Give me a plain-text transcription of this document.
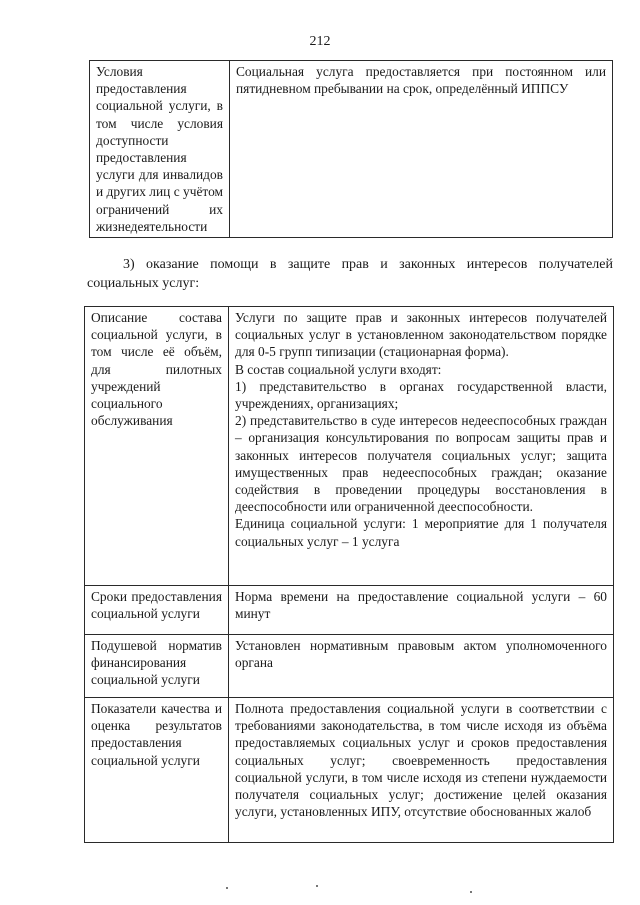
212
Условия предоставления социальной услуги, в том числе условия доступности предоставления услуги для инвалидов и других лиц с учётом ограничений их жизнедеятельности	Социальная услуга предоставляется при постоянном или пятидневном пребывании на срок, определённый ИППСУ
3) оказание помощи в защите прав и законных интересов получателей социальных услуг:
Описание состава социальной услуги, в том числе её объём, для пилотных учреждений социального обслуживания	Услуги по защите прав и законных интересов получателей социальных услуг в установленном законодательством порядке для 0-5 групп типизации (стационарная форма).

В состав социальной услуги входят:

1) представительство в органах государственной власти, учреждениях, организациях;

2) представительство в суде интересов недееспособных граждан – организация консультирования по вопросам защиты прав и законных интересов получателя социальных услуг; защита имущественных прав недееспособных граждан; оказание содействия в проведении процедуры восстановления в дееспособности или ограниченной дееспособности.

Единица социальной услуги: 1 мероприятие для 1 получателя социальных услуг – 1 услуга

Сроки предоставления социальной услуги	Норма времени на предоставление социальной услуги – 60 минут
Подушевой норматив финансирования социальной услуги	Установлен нормативным правовым актом уполномоченного органа
Показатели качества и оценка результатов предоставления социальной услуги	Полнота предоставления социальной услуги в соответствии с требованиями законодательства, в том числе исходя из объёма предоставляемых социальных услуг и сроков предоставления социальных услуг; своевременность предоставления социальной услуги, в том числе исходя из степени нуждаемости получателя социальных услуг; достижение целей оказания услуги, установленных ИПУ, отсутствие обоснованных жалоб
